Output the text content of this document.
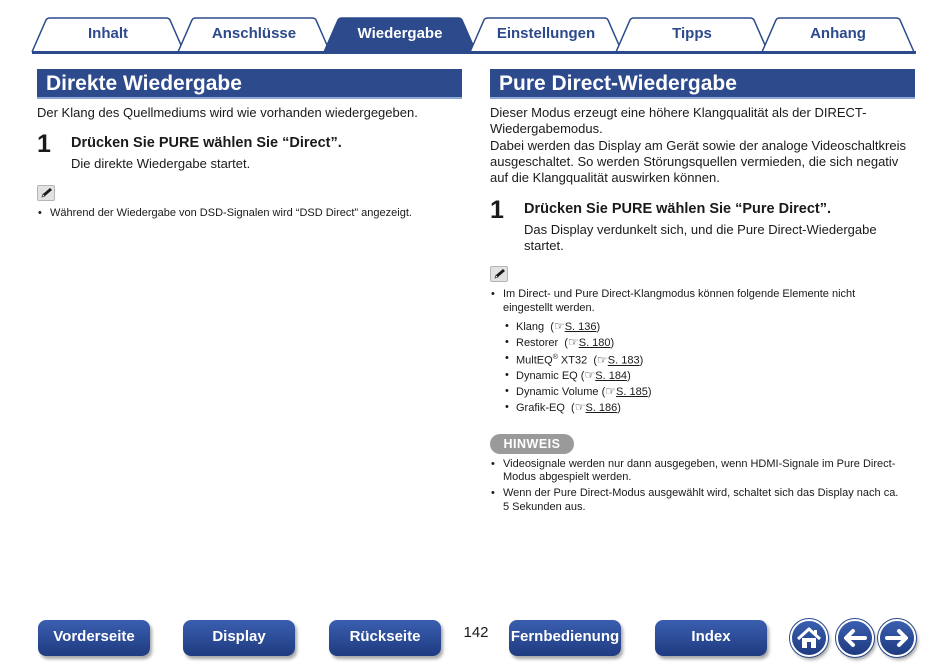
Inhalt	Anschlüsse	Wiedergabe	Einstellungen	Tipps	Anhang
Direkte Wiedergabe
Der Klang des Quellmediums wird wie vorhanden wiedergegeben.
1 Drücken Sie PURE wählen Sie “Direct”.
Die direkte Wiedergabe startet.
• Während der Wiedergabe von DSD-Signalen wird “DSD Direct” angezeigt.
Pure Direct-Wiedergabe
Dieser Modus erzeugt eine höhere Klangqualität als der DIRECT-
Wiedergabemodus.
Dabei werden das Display am Gerät sowie der analoge Videoschaltkreis
ausgeschaltet. So werden Störungsquellen vermieden, die sich negativ
auf die Klangqualität auswirken können.
1 Drücken Sie PURE wählen Sie “Pure Direct”.
Das Display verdunkelt sich, und die Pure Direct-Wiedergabe
startet.
• Im Direct- und Pure Direct-Klangmodus können folgende Elemente nicht
eingestellt werden.
• Klang  (☞S. 136)
• Restorer  (☞S. 180)
• MultEQ® XT32  (☞S. 183)
• Dynamic EQ (☞S. 184)
• Dynamic Volume (☞S. 185)
• Grafik-EQ  (☞S. 186)
HINWEIS
• Videosignale werden nur dann ausgegeben, wenn HDMI-Signale im Pure Direct-
Modus abgespielt werden.
• Wenn der Pure Direct-Modus ausgewählt wird, schaltet sich das Display nach ca.
5 Sekunden aus.
Vorderseite	Display	Rückseite	142	Fernbedienung	Index
